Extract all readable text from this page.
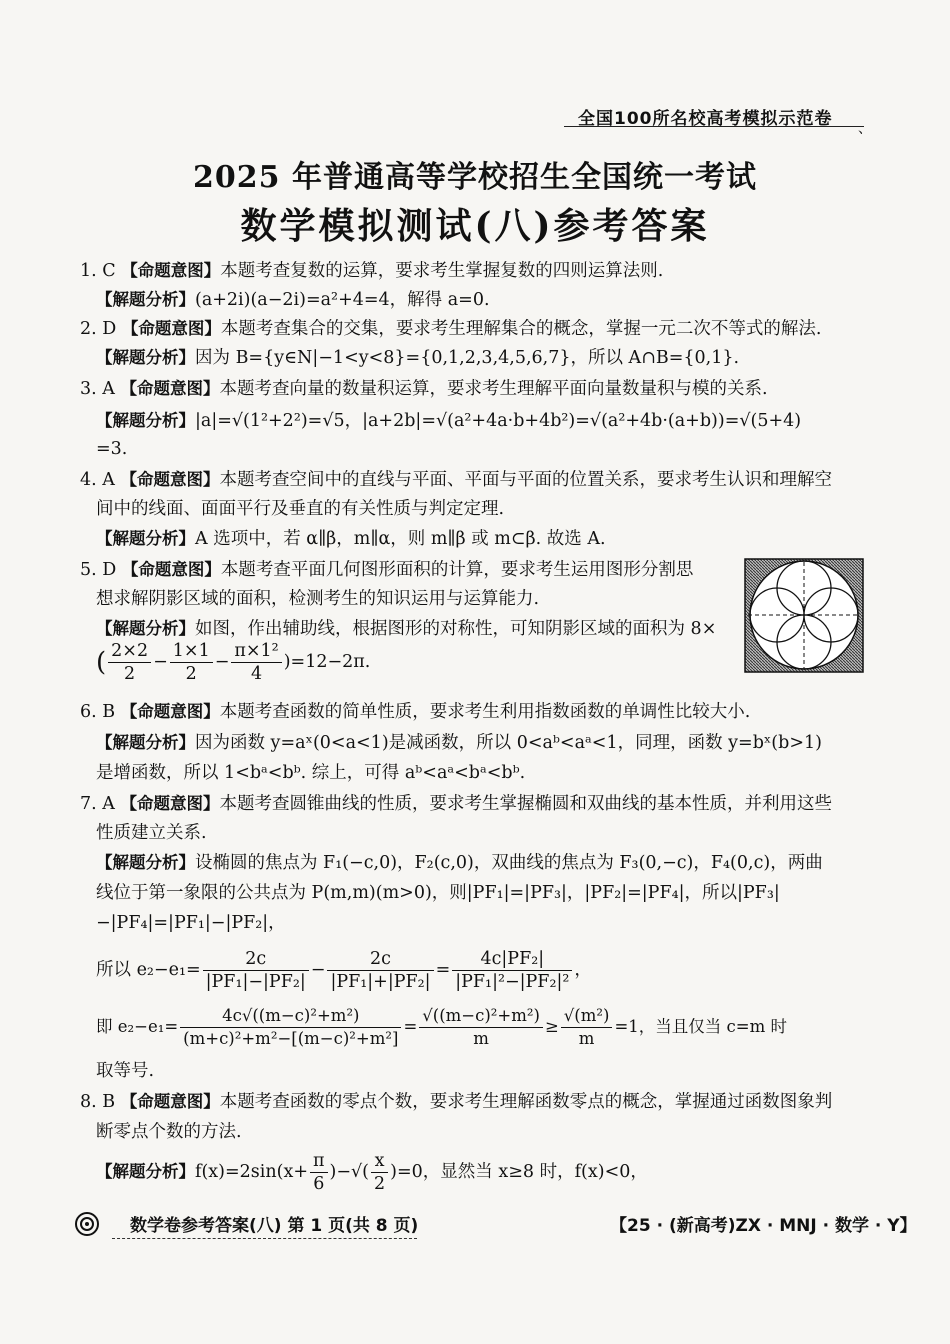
全国100所名校高考模拟示范卷 、
2025 年普通高等学校招生全国统一考试
数学模拟测试(八)参考答案
1. C 【命题意图】本题考查复数的运算，要求考生掌握复数的四则运算法则.
【解题分析】(a+2i)(a−2i)=a²+4=4，解得 a=0.
2. D 【命题意图】本题考查集合的交集，要求考生理解集合的概念，掌握一元二次不等式的解法.
【解题分析】因为 B={y∈N|−1<y<8}={0,1,2,3,4,5,6,7}，所以 A∩B={0,1}.
3. A 【命题意图】本题考查向量的数量积运算，要求考生理解平面向量数量积与模的关系.
【解题分析】|a|=√(1²+2²)=√5，|a+2b|=√(a²+4a·b+4b²)=√(a²+4b·(a+b))=√(5+4)
=3.
4. A 【命题意图】本题考查空间中的直线与平面、平面与平面的位置关系，要求考生认识和理解空
间中的线面、面面平行及垂直的有关性质与判定定理.
【解题分析】A 选项中，若 α∥β，m∥α，则 m∥β 或 m⊂β. 故选 A.
5. D 【命题意图】本题考查平面几何图形面积的计算，要求考生运用图形分割思
想求解阴影区域的面积，检测考生的知识运用与运算能力.
【解题分析】如图，作出辅助线，根据图形的对称性，可知阴影区域的面积为 8×
( $\frac{2\times 2}{2} - \frac{1\times 1}{2} - \frac{\text{π×1²}}{4} )=12-2\pi$.
6. B 【命题意图】本题考查函数的简单性质，要求考生利用指数函数的单调性比较大小.
【解题分析】因为函数 y=aˣ(0<a<1)是减函数，所以 0<aᵇ<aᵃ<1，同理，函数 y=bˣ(b>1)
是增函数，所以 1<bᵃ<bᵇ. 综上，可得 aᵇ<aᵃ<bᵃ<bᵇ.
7. A 【命题意图】本题考查圆锥曲线的性质，要求考生掌握椭圆和双曲线的基本性质，并利用这些
性质建立关系.
【解题分析】设椭圆的焦点为 F₁(−c,0)，F₂(c,0)，双曲线的焦点为 F₃(0,−c)，F₄(0,c)，两曲
线位于第一象限的公共点为 P(m,m)(m>0)，则|PF₁|=|PF₃|，|PF₂|=|PF₄|，所以|PF₃|
−|PF₄|=|PF₁|−|PF₂|，
所以 $e_2-e_1= \frac{2c}{\text{|PF₁|−|PF₂|}} - \frac{2c}{\text{|PF₁|+|PF₂|}} = \frac{\text{4c|PF₂|}}{\text{|PF₁|²−|PF₂|²}}$ ，
即 $e_2-e_1= \frac{\text{4c√((m−c)²+m²)}}{\text{(m+c)²+m²−[(m−c)²+m²]}} = \frac{\text{√((m−c)²+m²)}}{m} \ge \frac{\text{√(m²)}}{m} =1$，当且仅当 c=m 时
取等号.
8. B 【命题意图】本题考查函数的零点个数，要求考生理解函数零点的概念，掌握通过函数图象判
断零点个数的方法.
【解题分析】$f(x)=2\sin(x+ \frac{\pi}{6}$ )−√( $\frac{x}{2} )=0$，显然当 x≥8 时，f(x)<0，
数学卷参考答案(八) 第 1 页(共 8 页)	【25 · (新高考)ZX · MNJ · 数学 · Y】
